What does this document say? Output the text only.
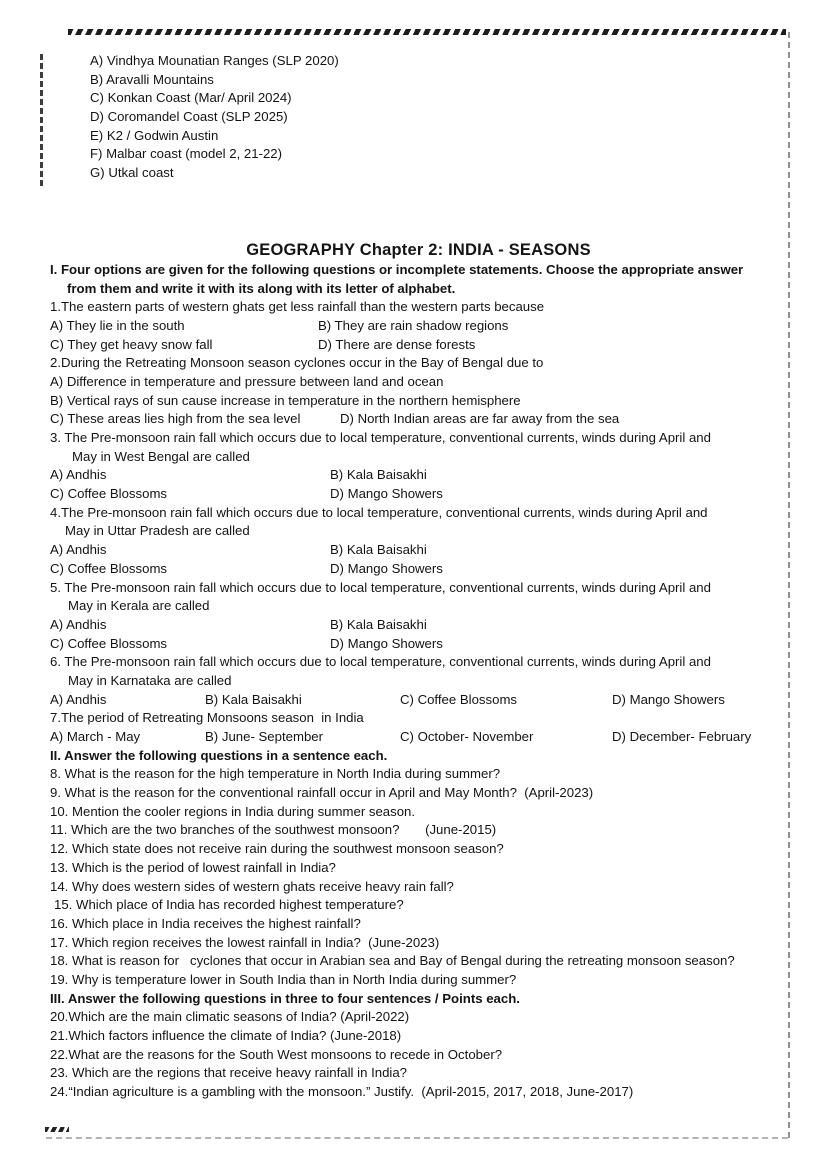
A) Vindhya Mounatian Ranges (SLP 2020)
B) Aravalli Mountains
C) Konkan Coast (Mar/ April 2024)
D) Coromandel Coast (SLP 2025)
E) K2 / Godwin Austin
F) Malbar coast (model 2, 21-22)
G) Utkal coast
GEOGRAPHY Chapter 2: INDIA - SEASONS
I. Four options are given for the following questions or incomplete statements. Choose the appropriate answer
from them and write it with its along with its letter of alphabet.
1.The eastern parts of western ghats get less rainfall than the western parts because
A) They lie in the south	B) They are rain shadow regions
C) They get heavy snow fall	D) There are dense forests
2.During the Retreating Monsoon season cyclones occur in the Bay of Bengal due to
A) Difference in temperature and pressure between land and ocean
B) Vertical rays of sun cause increase in temperature in the northern hemisphere
C) These areas lies high from the sea level	D) North Indian areas are far away from the sea
3. The Pre-monsoon rain fall which occurs due to local temperature, conventional currents, winds during April and
May in West Bengal are called
A) Andhis	B) Kala Baisakhi
C) Coffee Blossoms	D) Mango Showers
4.The Pre-monsoon rain fall which occurs due to local temperature, conventional currents, winds during April and
May in Uttar Pradesh are called
A) Andhis	B) Kala Baisakhi
C) Coffee Blossoms	D) Mango Showers
5. The Pre-monsoon rain fall which occurs due to local temperature, conventional currents, winds during April and
May in Kerala are called
A) Andhis	B) Kala Baisakhi
C) Coffee Blossoms	D) Mango Showers
6. The Pre-monsoon rain fall which occurs due to local temperature, conventional currents, winds during April and
May in Karnataka are called
A) Andhis	B) Kala Baisakhi	C) Coffee Blossoms	D) Mango Showers
7.The period of Retreating Monsoons season  in India
A) March - May	B) June- September	C) October- November	D) December- February
II. Answer the following questions in a sentence each.
8. What is the reason for the high temperature in North India during summer?
9. What is the reason for the conventional rainfall occur in April and May Month?  (April-2023)
10. Mention the cooler regions in India during summer season.
11. Which are the two branches of the southwest monsoon?       (June-2015)
12. Which state does not receive rain during the southwest monsoon season?
13. Which is the period of lowest rainfall in India?
14. Why does western sides of western ghats receive heavy rain fall?
15. Which place of India has recorded highest temperature?
16. Which place in India receives the highest rainfall?
17. Which region receives the lowest rainfall in India?  (June-2023)
18. What is reason for   cyclones that occur in Arabian sea and Bay of Bengal during the retreating monsoon season?
19. Why is temperature lower in South India than in North India during summer?
III. Answer the following questions in three to four sentences / Points each.
20.Which are the main climatic seasons of India? (April-2022)
21.Which factors influence the climate of India? (June-2018)
22.What are the reasons for the South West monsoons to recede in October?
23. Which are the regions that receive heavy rainfall in India?
24.“Indian agriculture is a gambling with the monsoon.” Justify.  (April-2015, 2017, 2018, June-2017)
